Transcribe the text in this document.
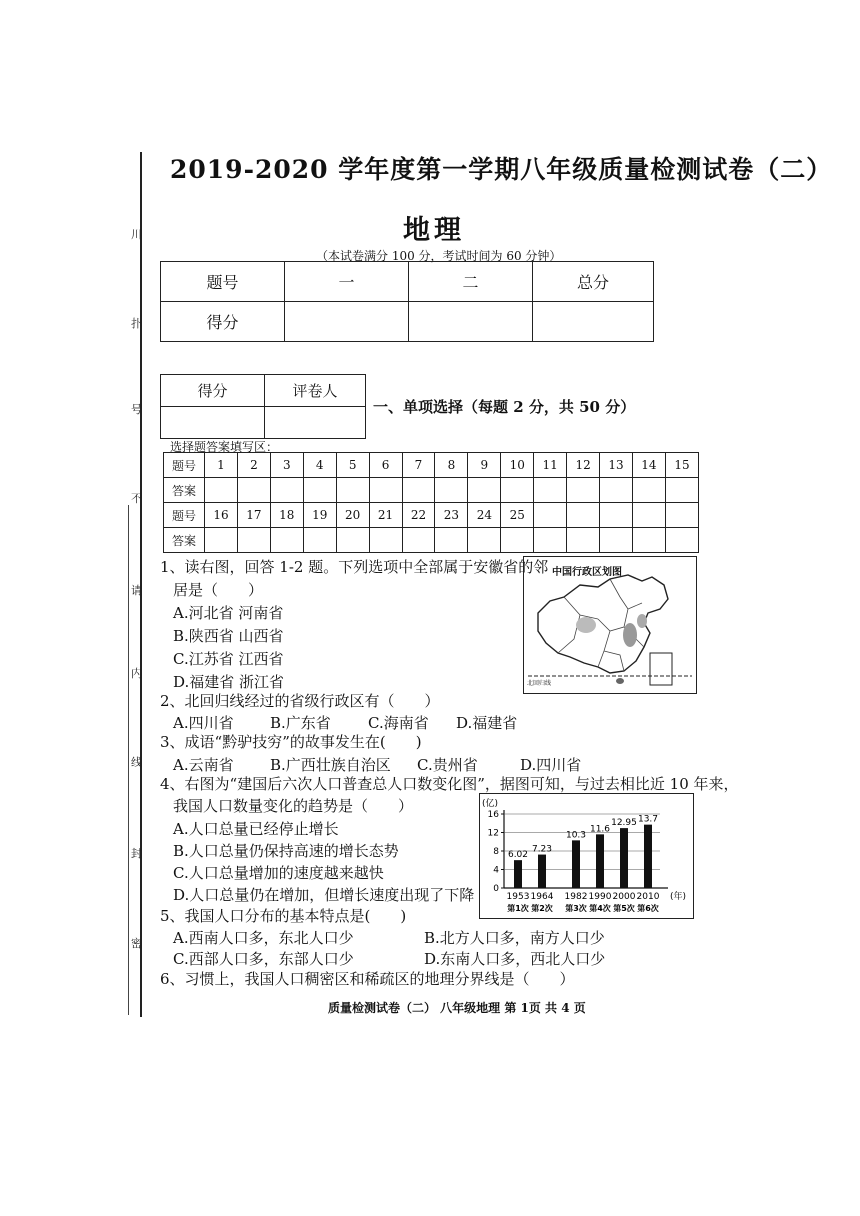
川
扑
号
不
请
内
线
封
密
2019-2020 学年度第一学期八年级质量检测试卷（二）
地理
（本试卷满分 100 分，考试时间为 60 分钟）
题号	一	二	总分
得分			
得分	评卷人

一、单项选择（每题 2 分，共 50 分）
选择题答案填写区：
题号	1	2	3	4	5	6	7	8	9	10	11	12	13	14	15
答案															
题号	16	17	18	19	20	21	22	23	24	25					
答案															
1、读右图，回答 1-2 题。下列选项中全部属于安徽省的邻
居是（　　）
A.河北省 河南省
B.陕西省 山西省
C.江苏省 江西省
D.福建省 浙江省
2、北回归线经过的省级行政区有（　　）
A.四川省 B.广东省 C.海南省 D.福建省
3、成语“黔驴技穷”的故事发生在(　　)
A.云南省 B.广西壮族自治区 C.贵州省	D.四川省
4、右图为“建国后六次人口普查总人口数变化图”，据图可知，与过去相比近 10 年来，
我国人口数量变化的趋势是（　　）
A.人口总量已经停止增长
B.人口总量仍保持高速的增长态势
C.人口总量增加的速度越来越快
D.人口总量仍在增加，但增长速度出现了下降
5、我国人口分布的基本特点是(　　)
A.西南人口多，东北人口少	B.北方人口多，南方人口少
C.西部人口多，东部人口少	D.东南人口多，西北人口少
6、习惯上，我国人口稠密区和稀疏区的地理分界线是（　　）
中国行政区划图
北回归线
0
4
8
12
16
(亿)
6.02
1953
第1次
7.23
1964
第2次
10.3
1982
第3次
11.6
1990
第4次
12.95
2000
第5次
13.7
2010
第6次
(年)
质量检测试卷（二） 八年级地理 第 1页 共 4 页
